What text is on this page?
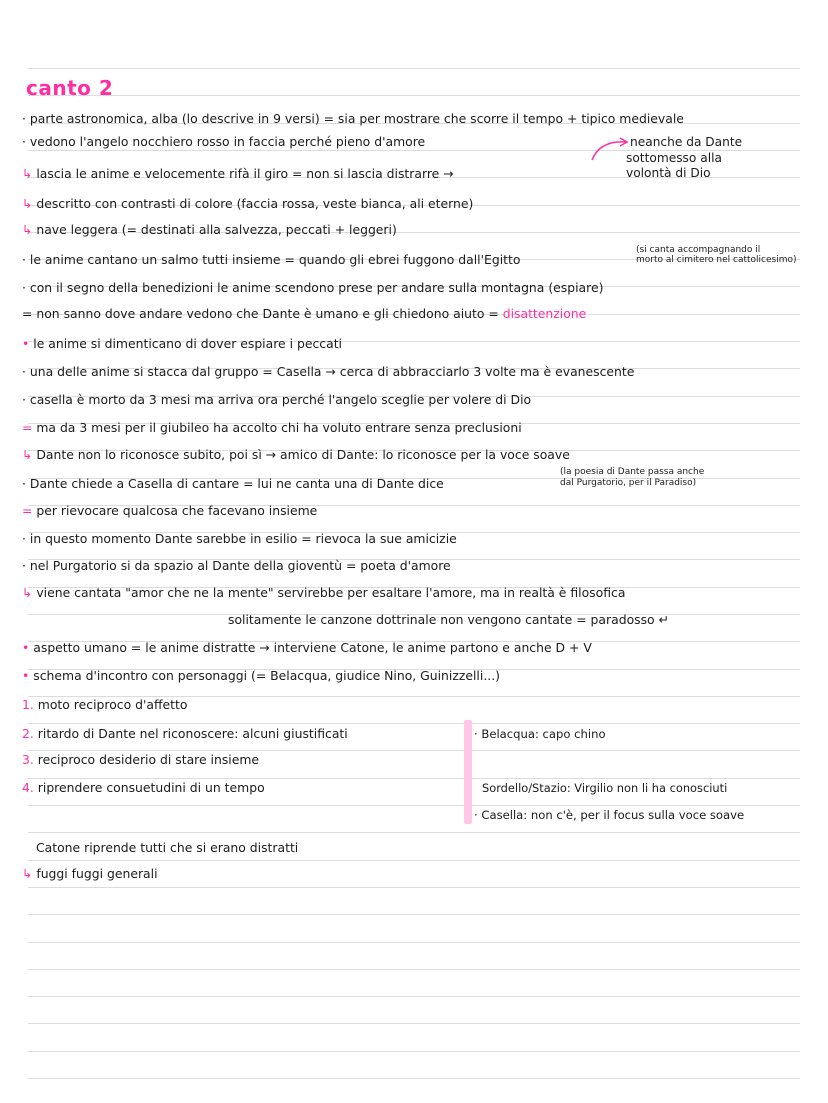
canto 2
· parte astronomica, alba (lo descrive in 9 versi) = sia per mostrare che scorre il tempo + tipico medievale
· vedono l'angelo nocchiero rosso in faccia perché pieno d'amore
↳ lascia le anime e velocemente rifà il giro = non si lascia distrarre →
neanche da Dante
sottomesso alla
volontà di Dio
↳ descritto con contrasti di colore (faccia rossa, veste bianca, ali eterne)
↳ nave leggera (= destinati alla salvezza, peccati + leggeri)
· le anime cantano un salmo tutti insieme = quando gli ebrei fuggono dall'Egitto
(si canta accompagnando il
morto al cimitero nel cattolicesimo)
· con il segno della benedizioni le anime scendono prese per andare sulla montagna (espiare)
= non sanno dove andare vedono che Dante è umano e gli chiedono aiuto = disattenzione
• le anime si dimenticano di dover espiare i peccati
· una delle anime si stacca dal gruppo = Casella → cerca di abbracciarlo 3 volte ma è evanescente
· casella è morto da 3 mesi ma arriva ora perché l'angelo sceglie per volere di Dio
= ma da 3 mesi per il giubileo ha accolto chi ha voluto entrare senza preclusioni
↳ Dante non lo riconosce subito, poi sì → amico di Dante: lo riconosce per la voce soave
· Dante chiede a Casella di cantare = lui ne canta una di Dante dice
(la poesia di Dante passa anche
dal Purgatorio, per il Paradiso)
= per rievocare qualcosa che facevano insieme
· in questo momento Dante sarebbe in esilio = rievoca la sue amicizie
· nel Purgatorio si da spazio al Dante della gioventù = poeta d'amore
↳ viene cantata "amor che ne la mente" servirebbe per esaltare l'amore, ma in realtà è filosofica
solitamente le canzone dottrinale non vengono cantate = paradosso ↵
• aspetto umano = le anime distratte → interviene Catone, le anime partono e anche D + V
• schema d'incontro con personaggi (= Belacqua, giudice Nino, Guinizzelli...)
1. moto reciproco d'affetto
2. ritardo di Dante nel riconoscere: alcuni giustificati
3. reciproco desiderio di stare insieme
4. riprendere consuetudini di un tempo
· Belacqua: capo chino
Sordello/Stazio: Virgilio non li ha conosciuti
· Casella: non c'è, per il focus sulla voce soave
Catone riprende tutti che si erano distratti
↳ fuggi fuggi generali
